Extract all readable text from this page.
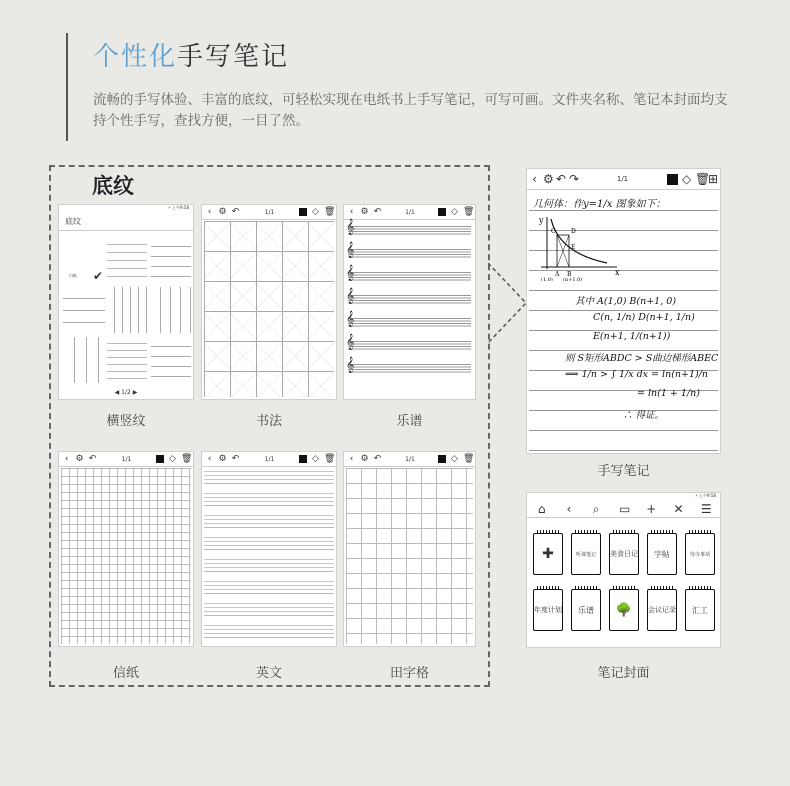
个性化手写笔记
流畅的手写体验、丰富的底纹，可轻松实现在电纸书上手写笔记，可写可画。文件夹名称、笔记本封面均支持个性手写，查找方便，一目了然。
底纹
⚡ 上午9:58
底纹
白纸 ✔
◀ 1/2 ▶
‹ ⚙ ↶	1/1	◇ 🗑 ‹ ⚙ ↶	1/1	◇ 🗑
𝄞
𝄞
𝄞
𝄞
𝄞
𝄞
𝄞
横竖纹	书法	乐谱
‹ ⚙ ↶	1/1	◇ 🗑 ‹ ⚙ ↶	1/1	◇ 🗑 ‹ ⚙ ↶	1/1	◇ 🗑
信纸	英文	田字格
‹ ⚙ ↶ ↷	1/1	◇ 🗑
⊞
几何体：作y=1/x 图象如下：
y
x
A B
C	D
E
(1,0) (n+1,0)
其中 A(1,0) B(n+1, 0)
C(n, 1/n) D(n+1, 1/n)
E(n+1, 1/(n+1))
则 S矩形ABDC > S曲边梯形ABEC
⟹ 1/n > ∫ 1/x dx = ln(n+1)/n
= ln(1 + 1/n)
∴ 得证。
手写笔记
⚡ 上午9:58
⌂ ‹ ⌕ ▭ + ✕ ☰
✚	听课笔记	美食日记	字帖	待办事项
年度计划	乐谱	🌳	会议记录	汇工
笔记封面
